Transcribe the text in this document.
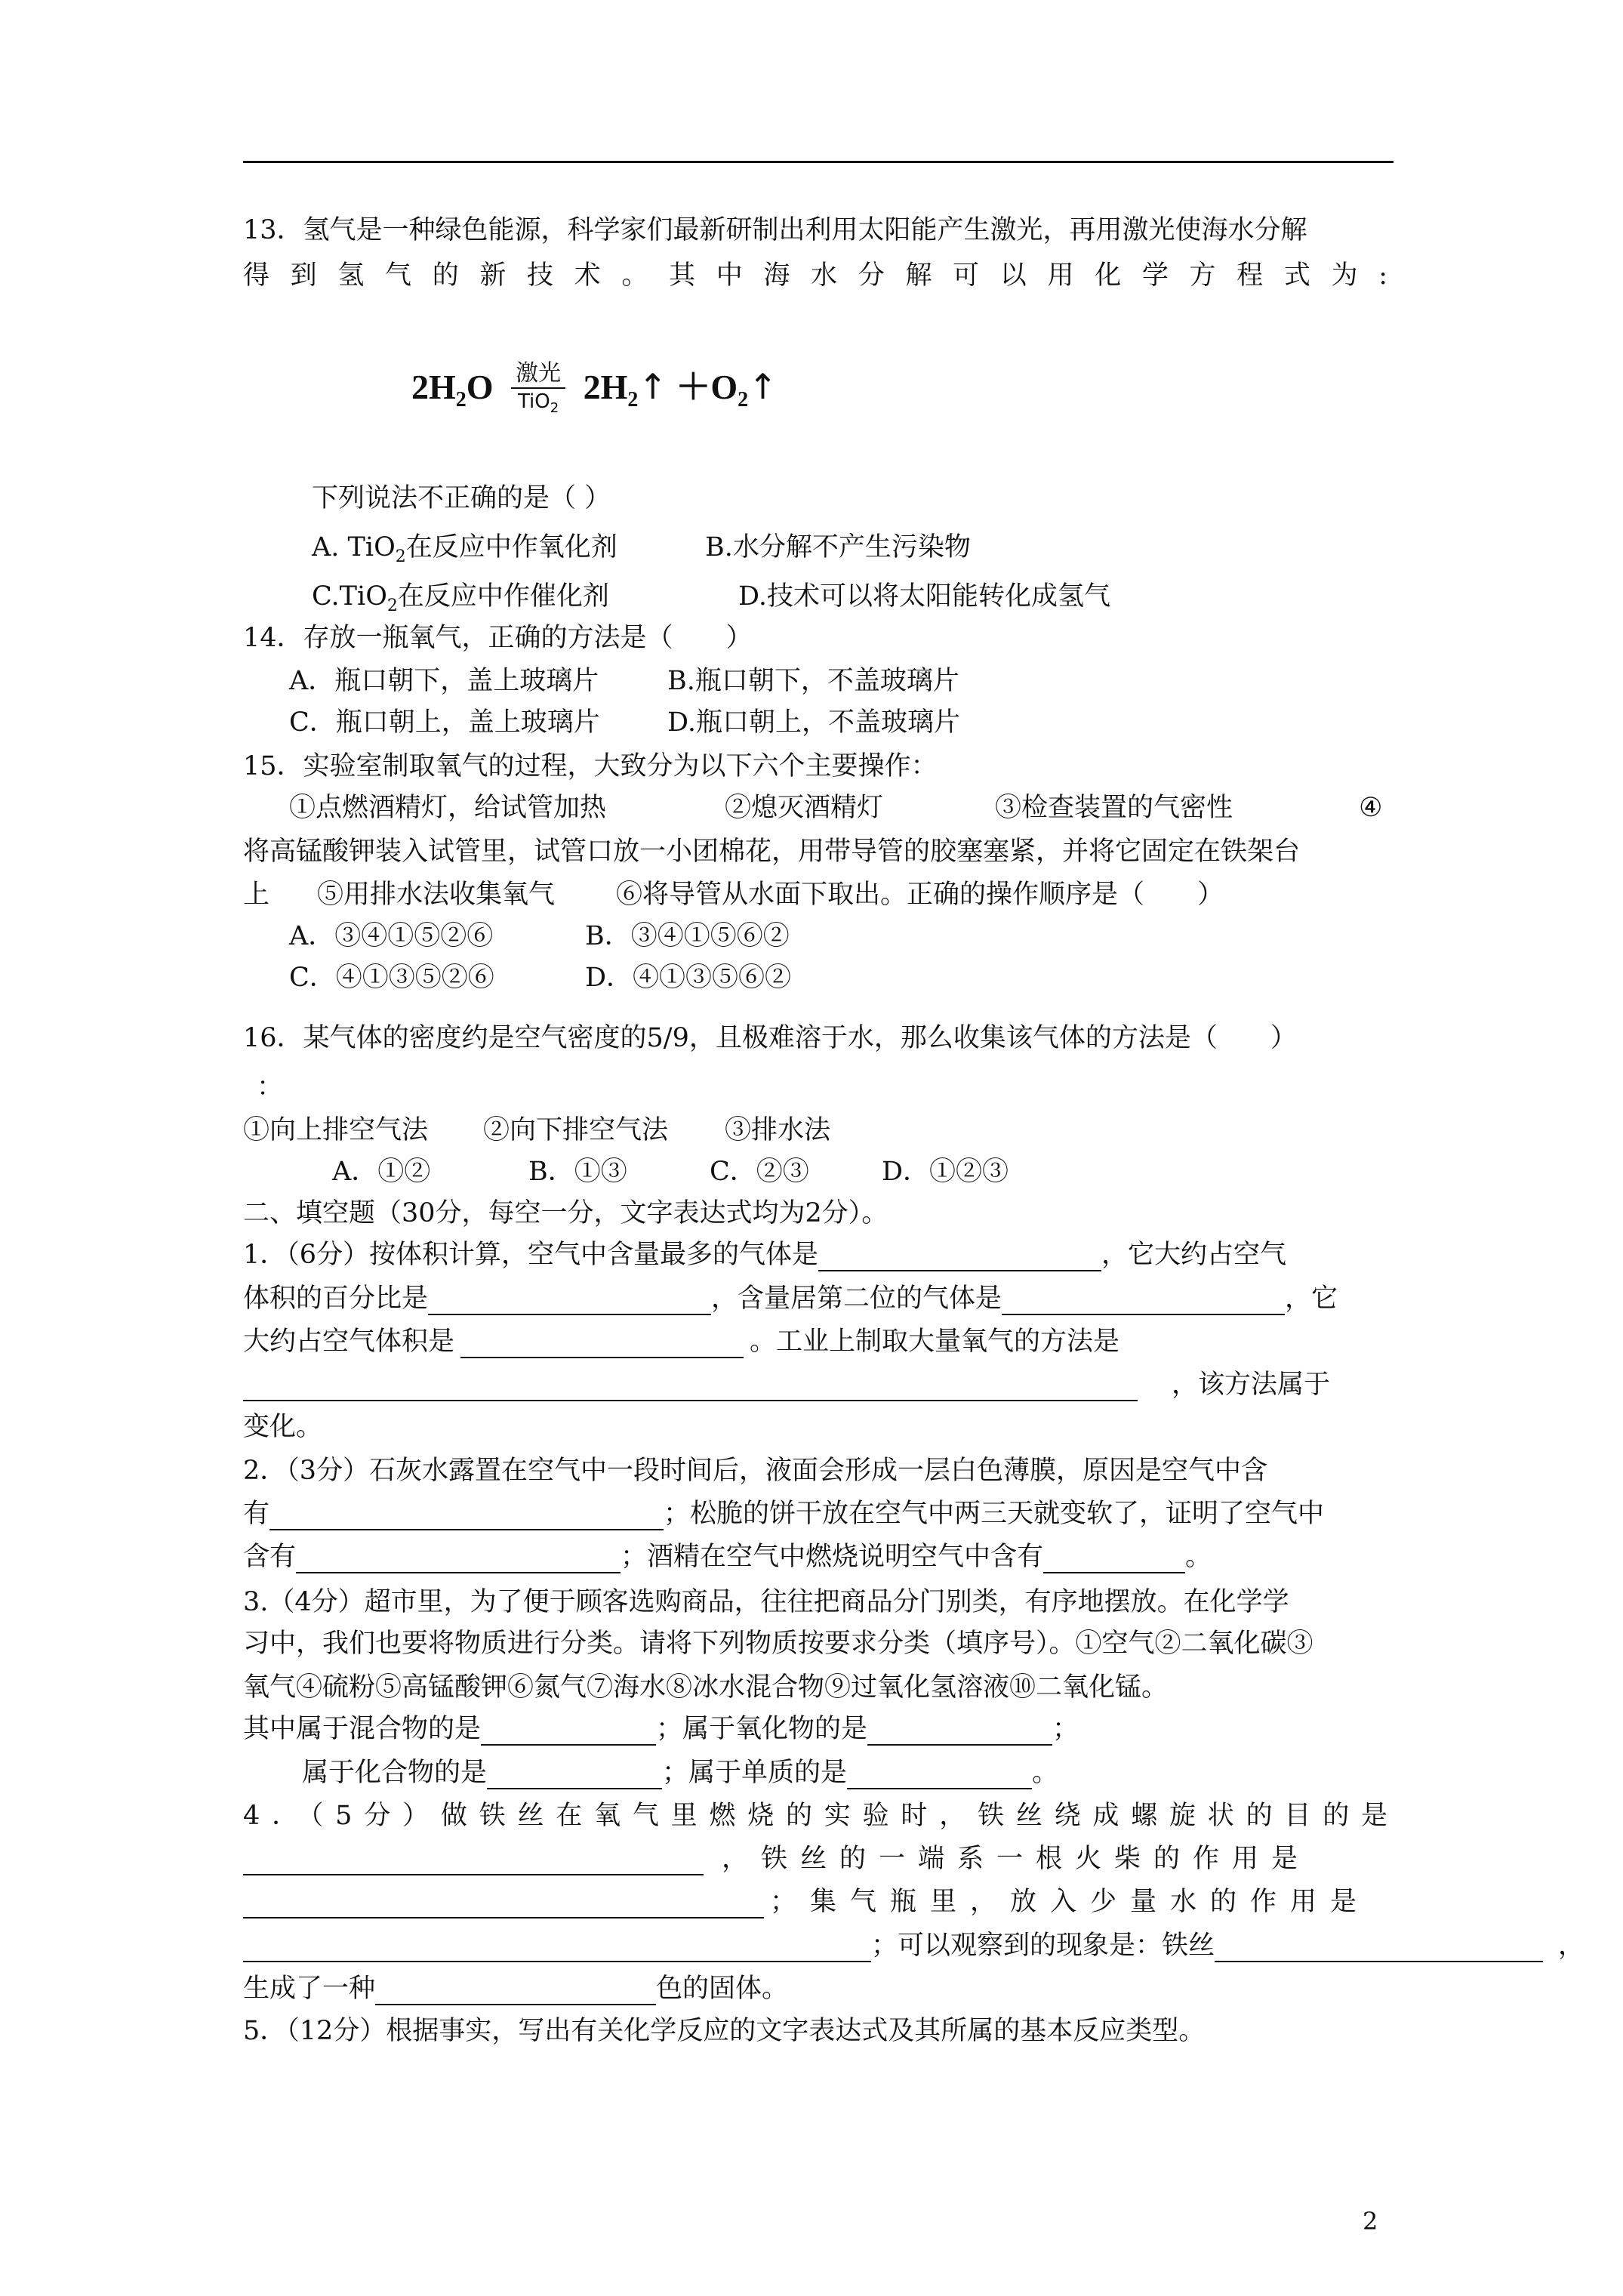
13．氢气是一种绿色能源，科学家们最新研制出利用太阳能产生激光，再用激光使海水分解
得到氢气的新技术。其中海水分解可以用化学方程式为:
$2H_2O$ 激光
TiO$_2$
$2H_2↑$ $+O_2↑$
下列说法不正确的是（ ）
A. TiO$_2$在反应中作氧化剂	B.水分解不产生污染物
C.TiO$_2$在反应中作催化剂	D.技术可以将太阳能转化成氢气
14．存放一瓶氧气，正确的方法是（　　）
A．瓶口朝下，盖上玻璃片	B.瓶口朝下，不盖玻璃片
C．瓶口朝上，盖上玻璃片	D.瓶口朝上，不盖玻璃片
15．实验室制取氧气的过程，大致分为以下六个主要操作：
①点燃酒精灯，给试管加热	②熄灭酒精灯	③检查装置的气密性	④
将高锰酸钾装入试管里，试管口放一小团棉花，用带导管的胶塞塞紧，并将它固定在铁架台
上 ⑤用排水法收集氧气 ⑥将导管从水面下取出。正确的操作顺序是（　　）
A．③④①⑤②⑥	B．③④①⑤⑥②
C．④①③⑤②⑥	D．④①③⑤⑥②
16．某气体的密度约是空气密度的5/9，且极难溶于水，那么收集该气体的方法是（　　）
：
①向上排空气法 ②向下排空气法 ③排水法
A．①②	B．①③	C．②③	D．①②③
二、填空题（30分，每空一分，文字表达式均为2分）。
1．（6分）按体积计算，空气中含量最多的气体是	，它大约占空气
体积的百分比是	，含量居第二位的气体是	，它
大约占空气体积是	。工业上制取大量氧气的方法是
，该方法属于
变化。
2．（3分）石灰水露置在空气中一段时间后，液面会形成一层白色薄膜，原因是空气中含
有	；松脆的饼干放在空气中两三天就变软了，证明了空气中
含有	；酒精在空气中燃烧说明空气中含有	。
3.（4分）超市里，为了便于顾客选购商品，往往把商品分门别类，有序地摆放。在化学学
习中，我们也要将物质进行分类。请将下列物质按要求分类（填序号）。①空气②二氧化碳③
氧气④硫粉⑤高锰酸钾⑥氮气⑦海水⑧冰水混合物⑨过氧化氢溶液⑩二氧化锰。
其中属于混合物的是	；属于氧化物的是	；
属于化合物的是	；属于单质的是	。
4．（5分）做铁丝在氧气里燃烧的实验时，铁丝绕成螺旋状的目的是
，铁丝的一端系一根火柴的作用是
；集气瓶里，放入少量水的作用是
；可以观察到的现象是：铁丝	，
生成了一种	色的固体。
5．（12分）根据事实，写出有关化学反应的文字表达式及其所属的基本反应类型。
2
